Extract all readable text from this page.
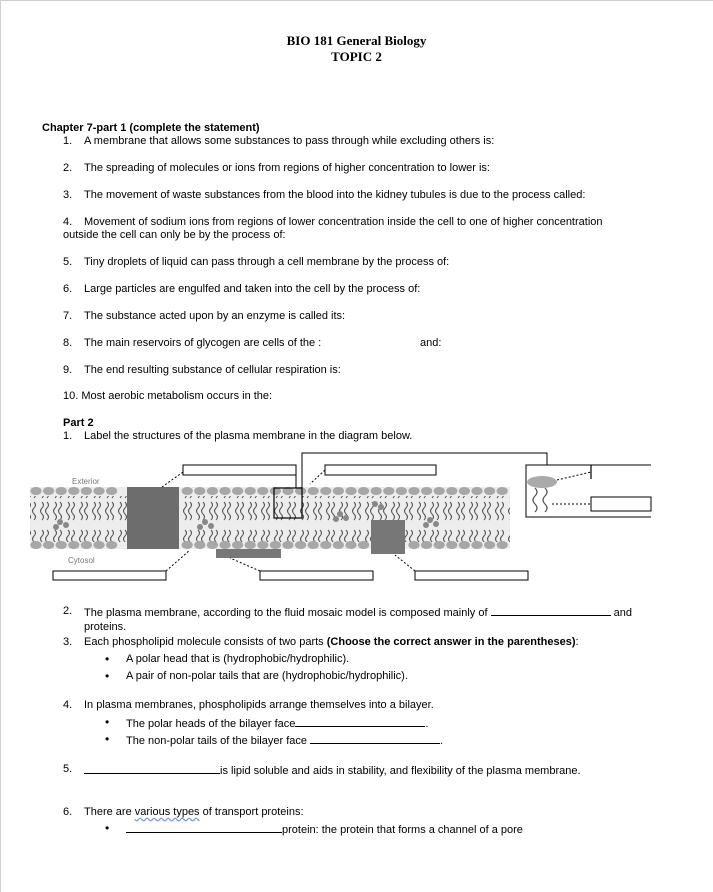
BIO 181 General Biology
TOPIC 2
Chapter 7-part 1 (complete the statement)
1. A membrane that allows some substances to pass through while excluding others is:
2. The spreading of molecules or ions from regions of higher concentration to lower is:
3. The movement of waste substances from the blood into the kidney tubules is due to the process called:
4. Movement of sodium ions from regions of lower concentration inside the cell to one of higher concentration
outside the cell can only be by the process of:
5. Tiny droplets of liquid can pass through a cell membrane by the process of:
6. Large particles are engulfed and taken into the cell by the process of:
7. The substance acted upon by an enzyme is called its:
8. The main reservoirs of glycogen are cells of the :	and:
9. The end resulting substance of cellular respiration is:
10. Most aerobic metabolism occurs in the:
Part 2
1. Label the structures of the plasma membrane in the diagram below.
Exterior
Cytosol
2. The plasma membrane, according to the fluid mosaic model is composed mainly of	and
proteins.
3. Each phospholipid molecule consists of two parts (Choose the correct answer in the parentheses):
• A polar head that is (hydrophobic/hydrophilic).
• A pair of non-polar tails that are (hydrophobic/hydrophilic).
4. In plasma membranes, phospholipids arrange themselves into a bilayer.
• The polar heads of the bilayer face	.
• The non-polar tails of the bilayer face	.
5.	is lipid soluble and aids in stability, and flexibility of the plasma membrane.
6. There are various types of transport proteins:
•	protein: the protein that forms a channel of a pore
